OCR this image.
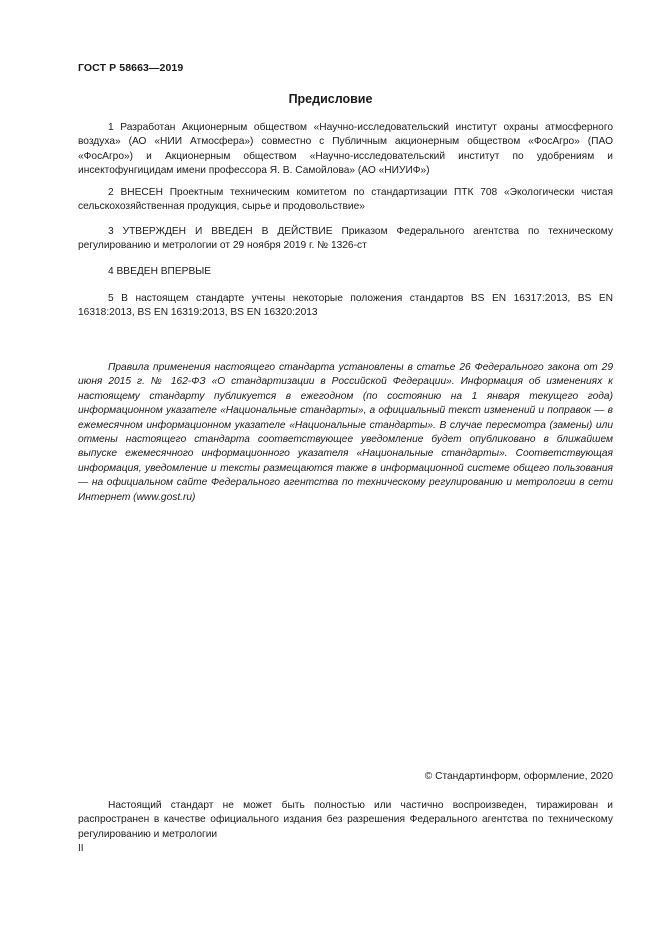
ГОСТ Р 58663—2019
Предисловие

1 Разработан Акционерным обществом «Научно-исследовательский институт охраны атмосферного воздуха» (АО «НИИ Атмосфера») совместно с Публичным акционерным обществом «ФосАгро» (ПАО «ФосАгро») и Акционерным обществом «Научно-исследовательский институт по удобрениям и инсектофунгицидам имени профессора Я. В. Самойлова» (АО «НИУИФ»)

2 ВНЕСЕН Проектным техническим комитетом по стандартизации ПТК 708 «Экологически чистая сельскохозяйственная продукция, сырье и продовольствие»

3 УТВЕРЖДЕН И ВВЕДЕН В ДЕЙСТВИЕ Приказом Федерального агентства по техническому регулированию и метрологии от 29 ноября 2019 г. № 1326-ст

4 ВВЕДЕН ВПЕРВЫЕ

5 В настоящем стандарте учтены некоторые положения стандартов BS EN 16317:2013, BS EN 16318:2013, BS EN 16319:2013, BS EN 16320:2013

Правила применения настоящего стандарта установлены в статье 26 Федерального закона от 29 июня 2015 г. № 162-ФЗ «О стандартизации в Российской Федерации». Информация об изменениях к настоящему стандарту публикуется в ежегодном (по состоянию на 1 января текущего года) информационном указателе «Национальные стандарты», а официальный текст изменений и поправок — в ежемесячном информационном указателе «Национальные стандарты». В случае пересмотра (замены) или отмены настоящего стандарта соответствующее уведомление будет опубликовано в ближайшем выпуске ежемесячного информационного указателя «Национальные стандарты». Соответствующая информация, уведомление и тексты размещаются также в информационной системе общего пользования — на официальном сайте Федерального агентства по техническому регулированию и метрологии в сети Интернет (www.gost.ru)

© Стандартинформ, оформление, 2020

Настоящий стандарт не может быть полностью или частично воспроизведен, тиражирован и распространен в качестве официального издания без разрешения Федерального агентства по техническому регулированию и метрологии

II
